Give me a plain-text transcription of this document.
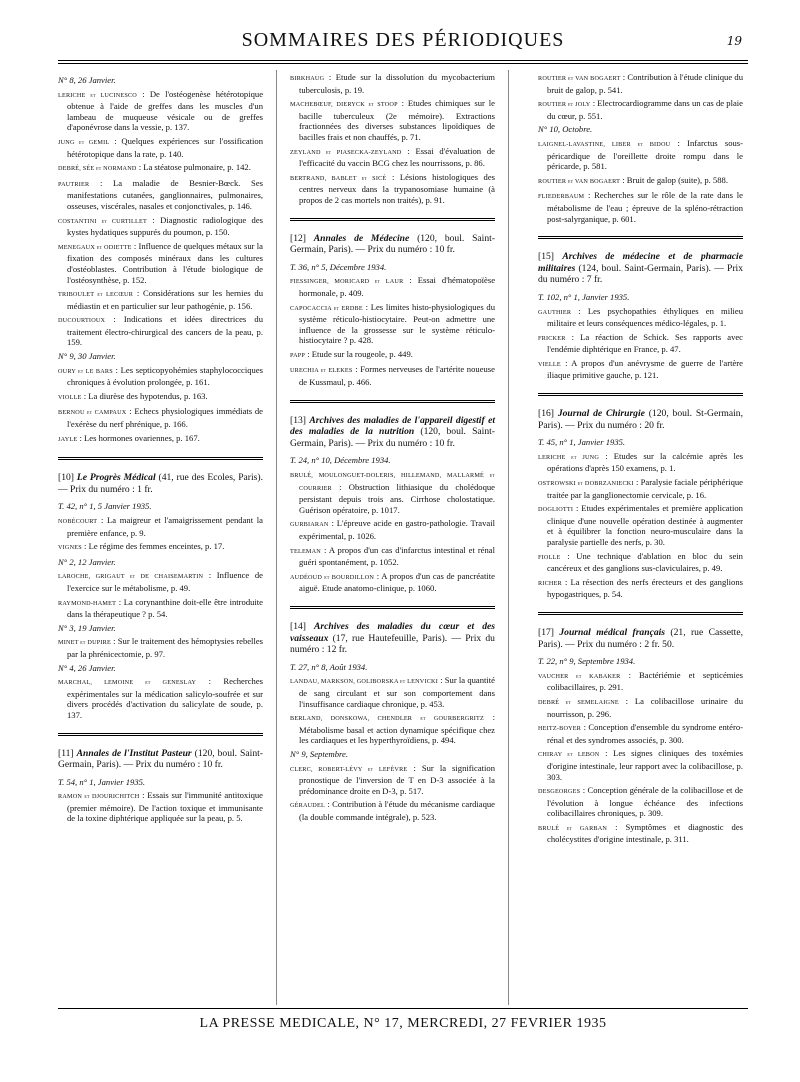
SOMMAIRES DES PÉRIODIQUES	19
N° 8, 26 Janvier.
LERICHE et LUCINESCO : De l'ostéogenèse hétérotopique obtenue à l'aide de greffes dans les muscles d'un lambeau de muqueuse vésicale ou de greffes d'aponévrose dans la vessie, p. 137.
JUNG et GEMIL : Quelques expériences sur l'ossification hétérotopique dans la rate, p. 140.
DEBRÉ, SÉE et NORMAND : La stéatose pulmonaire, p. 142.
PAUTRIER : La maladie de Besnier-Bœck. Ses manifestations cutanées, ganglionnaires, pulmonaires, osseuses, viscérales, nasales et conjonctivales, p. 146.
COSTANTINI et CURTILLET : Diagnostic radiologique des kystes hydatiques suppurés du poumon, p. 150.
MENEGAUX et ODIETTE : Influence de quelques métaux sur la fixation des composés minéraux dans les cultures d'ostéoblastes. Contribution à l'étude biologique de l'ostéosynthèse, p. 152.
TRIBOULET et LECŒUR : Considérations sur les hernies du médiastin et en particulier sur leur pathogénie, p. 156.
DUCOURTIOUX : Indications et idées directrices du traitement électro-chirurgical des cancers de la peau, p. 159.
N° 9, 30 Janvier.
OURY et LE BARS : Les septicopyohémies staphylococciques chroniques à évolution prolongée, p. 161.
VIOLLE : La diurèse des hypotendus, p. 163.
BERNOU et CAMPAUX : Echecs physiologiques immédiats de l'exérèse du nerf phrénique, p. 166.
JAYLE : Les hormones ovariennes, p. 167.
[10] Le Progrès Médical (41, rue des Ecoles, Paris). — Prix du numéro : 1 fr.
T. 42, n° 1, 5 Janvier 1935.
NOBÉCOURT : La maigreur et l'amaigrissement pendant la première enfance, p. 9.
VIGNES : Le régime des femmes enceintes, p. 17.
N° 2, 12 Janvier.
LAROCHE, GRIGAUT et DE CHAISEMARTIN : Influence de l'exercice sur le métabolisme, p. 49.
RAYMOND-HAMET : La corynanthine doit-elle être introduite dans la thérapeutique ? p. 54.
N° 3, 19 Janvier.
MINET et DUPIRE : Sur le traitement des hémoptysies rebelles par la phrénicectomie, p. 97.
N° 4, 26 Janvier.
MARCHAL, LEMOINE et GENESLAY : Recherches expérimentales sur la médication salicylo-soufrée et sur divers procédés d'activation du salicylate de soude, p. 137.
[11] Annales de l'Institut Pasteur (120, boul. Saint-Germain, Paris). — Prix du numéro : 10 fr.
T. 54, n° 1, Janvier 1935.
RAMON et DJOURICHITCH : Essais sur l'immunité antitoxique (premier mémoire). De l'action toxique et immunisante de la toxine diphtérique appliquée sur la peau, p. 5.
BIRKHAUG : Etude sur la dissolution du mycobacterium tuberculosis, p. 19.
MACHEBŒUF, DIERYCK et STOOP : Etudes chimiques sur le bacille tuberculeux (2e mémoire). Extractions fractionnées des diverses substances lipoïdiques de bacilles frais et non chauffés, p. 71.
ZEYLAND et PIASECKA-ZEYLAND : Essai d'évaluation de l'efficacité du vaccin BCG chez les nourrissons, p. 86.
BERTRAND, BABLET et SICÉ : Lésions histologiques des centres nerveux dans la trypanosomiase humaine (à propos de 2 cas mortels non traités), p. 91.
[12] Annales de Médecine (120, boul. Saint-Germain, Paris). — Prix du numéro : 10 fr.
T. 36, n° 5, Décembre 1934.
FIESSINGER, MORICARD et LAUR : Essai d'hématopoïèse hormonale, p. 409.
CAPOCACCIA et ERDBE : Les limites histo-physiologiques du système réticulo-histiocytaire. Peut-on admettre une influence de la grossesse sur le système réticulo-histiocytaire ? p. 428.
PAPP : Etude sur la rougeole, p. 449.
URECHIA et ELEKES : Formes nerveuses de l'artérite noueuse de Kussmaul, p. 466.
[13] Archives des maladies de l'appareil digestif et des maladies de la nutrition (120, boul. Saint-Germain, Paris). — Prix du numéro : 10 fr.
T. 24, n° 10, Décembre 1934.
BRULÉ, MOULONGUET-DOLERIS, HILLEMAND, MALLARMÉ et COURRIER : Obstruction lithiasique du cholédoque persistant depuis trois ans. Cirrhose cholostatique. Guérison opératoire, p. 1017.
GURBIARAN : L'épreuve acide en gastro-pathologie. Travail expérimental, p. 1026.
TELEMAN : A propos d'un cas d'infarctus intestinal et rénal guéri spontanément, p. 1052.
AUDÉOUD et BOURDILLON : A propos d'un cas de pancréatite aiguë. Etude anatomo-clinique, p. 1060.
[14] Archives des maladies du cœur et des vaisseaux (17, rue Hautefeuille, Paris). — Prix du numéro : 12 fr.
T. 27, n° 8, Août 1934.
LANDAU, MARKSON, GOLIBORSKA et LENVICKI : Sur la quantité de sang circulant et sur son comportement dans l'insuffisance cardiaque chronique, p. 453.
BERLAND, DONSKOWA, CHENDLER et GOURBERGRITZ : Métabolisme basal et action dynamique spécifique chez les cardiaques et les hyperthyroïdiens, p. 494.
N° 9, Septembre.
CLERC, ROBERT-LÉVY et LEFÈVRE : Sur la signification pronostique de l'inversion de T en D-3 associée à la prédominance droite en D-3, p. 517.
GÉRAUDEL : Contribution à l'étude du mécanisme cardiaque (la double commande intégrale), p. 523.
ROUTIER et VAN BOGAERT : Contribution à l'étude clinique du bruit de galop, p. 541.
ROUTIER et JOLY : Electrocardiogramme dans un cas de plaie du cœur, p. 551.
N° 10, Octobre.
LAIGNEL-LAVASTINE, LIBER et BIDOU : Infarctus sous-péricardique de l'oreillette droite rompu dans le péricarde, p. 581.
ROUTIER et VAN BOGAERT : Bruit de galop (suite), p. 588.
FLIEDERBAUM : Recherches sur le rôle de la rate dans le métabolisme de l'eau ; épreuve de la spléno-rétraction post-salyrganique, p. 601.
[15] Archives de médecine et de pharmacie militaires (124, boul. Saint-Germain, Paris). — Prix du numéro : 7 fr.
T. 102, n° 1, Janvier 1935.
GAUTHIER : Les psychopathies éthyliques en milieu militaire et leurs conséquences médico-légales, p. 1.
FRICKER : La réaction de Schick. Ses rapports avec l'endémie diphtérique en France, p. 47.
VIELLE : A propos d'un anévrysme de guerre de l'artère iliaque primitive gauche, p. 121.
[16] Journal de Chirurgie (120, boul. St-Germain, Paris). — Prix du numéro : 20 fr.
T. 45, n° 1, Janvier 1935.
LERICHE et JUNG : Etudes sur la calcémie après les opérations d'après 150 examens, p. 1.
OSTROWSKI et DOBRZANIECKI : Paralysie faciale périphérique traitée par la ganglionectomie cervicale, p. 16.
DOGLIOTTI : Etudes expérimentales et première application clinique d'une nouvelle opération destinée à augmenter et à équilibrer la fonction neuro-musculaire dans la paralysie partielle des nerfs, p. 30.
FIOLLE : Une technique d'ablation en bloc du sein cancéreux et des ganglions sus-claviculaires, p. 49.
RICHER : La résection des nerfs érecteurs et des ganglions hypogastriques, p. 54.
[17] Journal médical français (21, rue Cassette, Paris). — Prix du numéro : 2 fr. 50.
T. 22, n° 9, Septembre 1934.
VAUCHER et KABAKER : Bactériémie et septicémies colibacillaires, p. 291.
DEBRÉ et SEMELAIGNE : La colibacillose urinaire du nourrisson, p. 296.
HEITZ-BOYER : Conception d'ensemble du syndrome entéro-rénal et des syndromes associés, p. 300.
CHIRAY et LEBON : Les signes cliniques des toxémies d'origine intestinale, leur rapport avec la colibacillose, p. 303.
DESGEORGES : Conception générale de la colibacillose et de l'évolution à longue échéance des infections colibacillaires chroniques, p. 309.
BRULÉ et GARBAN : Symptômes et diagnostic des cholécystites d'origine intestinale, p. 311.
LA PRESSE MEDICALE, N° 17, MERCREDI, 27 FEVRIER 1935
